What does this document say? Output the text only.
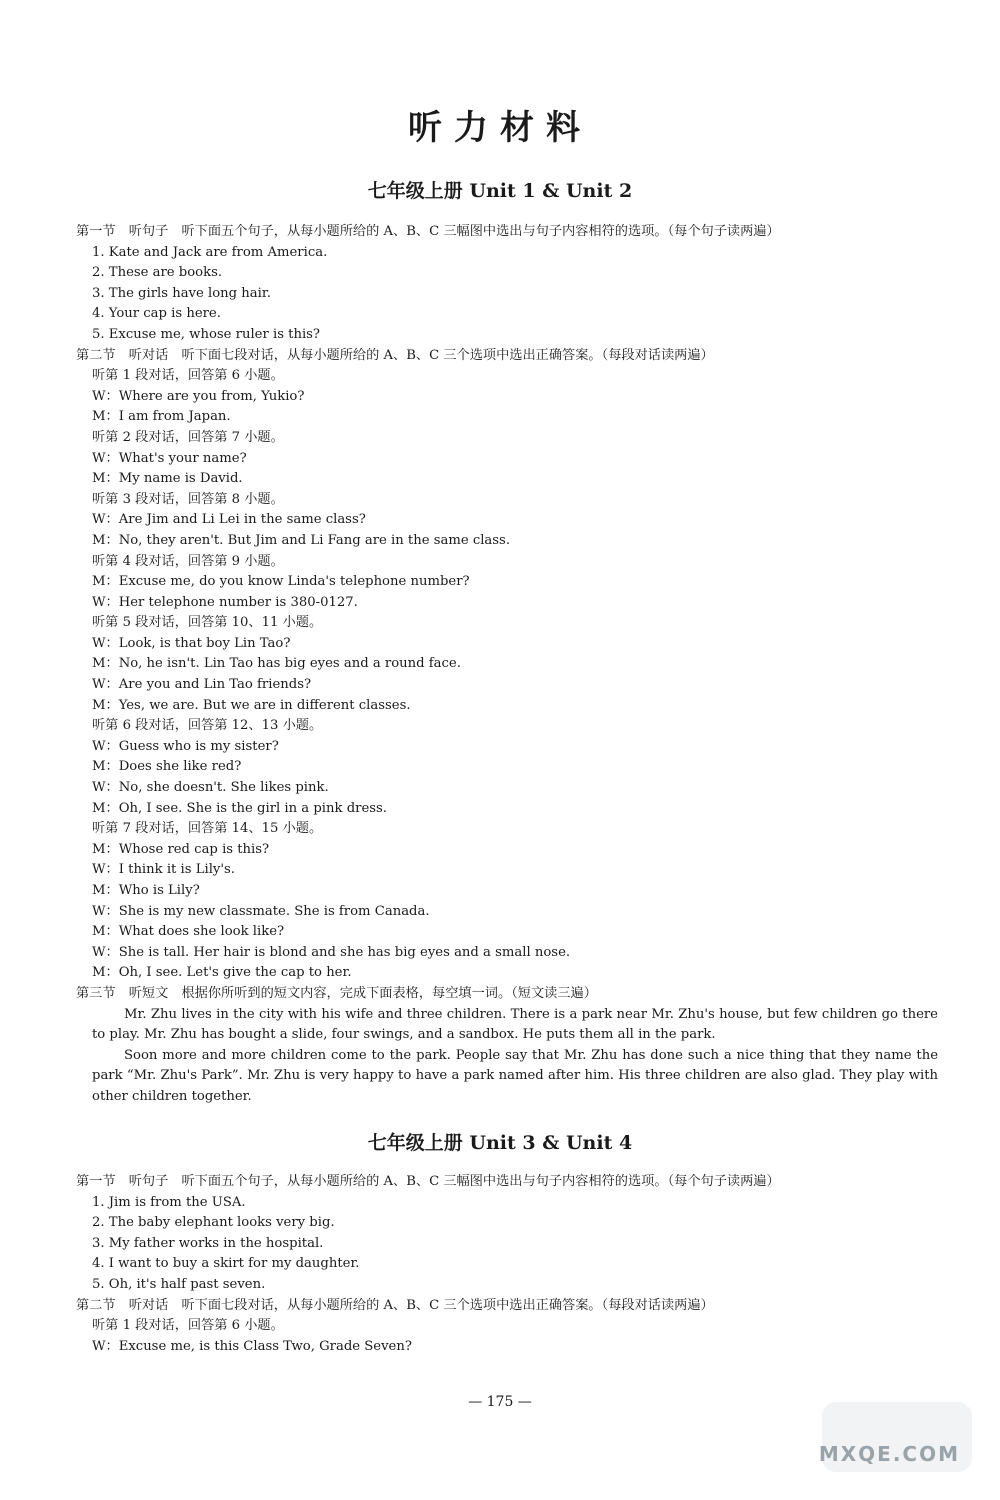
听力材料
七年级上册 Unit 1 & Unit 2
第一节　听句子　听下面五个句子，从每小题所给的 A、B、C 三幅图中选出与句子内容相符的选项。（每个句子读两遍）
1. Kate and Jack are from America.
2. These are books.
3. The girls have long hair.
4. Your cap is here.
5. Excuse me, whose ruler is this?
第二节　听对话　听下面七段对话，从每小题所给的 A、B、C 三个选项中选出正确答案。（每段对话读两遍）
听第 1 段对话，回答第 6 小题。
W：Where are you from, Yukio?
M：I am from Japan.
听第 2 段对话，回答第 7 小题。
W：What's your name?
M：My name is David.
听第 3 段对话，回答第 8 小题。
W：Are Jim and Li Lei in the same class?
M：No, they aren't. But Jim and Li Fang are in the same class.
听第 4 段对话，回答第 9 小题。
M：Excuse me, do you know Linda's telephone number?
W：Her telephone number is 380-0127.
听第 5 段对话，回答第 10、11 小题。
W：Look, is that boy Lin Tao?
M：No, he isn't. Lin Tao has big eyes and a round face.
W：Are you and Lin Tao friends?
M：Yes, we are. But we are in different classes.
听第 6 段对话，回答第 12、13 小题。
W：Guess who is my sister?
M：Does she like red?
W：No, she doesn't. She likes pink.
M：Oh, I see. She is the girl in a pink dress.
听第 7 段对话，回答第 14、15 小题。
M：Whose red cap is this?
W：I think it is Lily's.
M：Who is Lily?
W：She is my new classmate. She is from Canada.
M：What does she look like?
W：She is tall. Her hair is blond and she has big eyes and a small nose.
M：Oh, I see. Let's give the cap to her.
第三节　听短文　根据你所听到的短文内容，完成下面表格，每空填一词。（短文读三遍）

Mr. Zhu lives in the city with his wife and three children. There is a park near Mr. Zhu's house, but few children go there to play. Mr. Zhu has bought a slide, four swings, and a sandbox. He puts them all in the park.

Soon more and more children come to the park. People say that Mr. Zhu has done such a nice thing that they name the park “Mr. Zhu's Park”. Mr. Zhu is very happy to have a park named after him. His three children are also glad. They play with other children together.

七年级上册 Unit 3 & Unit 4
第一节　听句子　听下面五个句子，从每小题所给的 A、B、C 三幅图中选出与句子内容相符的选项。（每个句子读两遍）
1. Jim is from the USA.
2. The baby elephant looks very big.
3. My father works in the hospital.
4. I want to buy a skirt for my daughter.
5. Oh, it's half past seven.
第二节　听对话　听下面七段对话，从每小题所给的 A、B、C 三个选项中选出正确答案。（每段对话读两遍）
听第 1 段对话，回答第 6 小题。
W：Excuse me, is this Class Two, Grade Seven?
— 175 —
MXQE.COM
